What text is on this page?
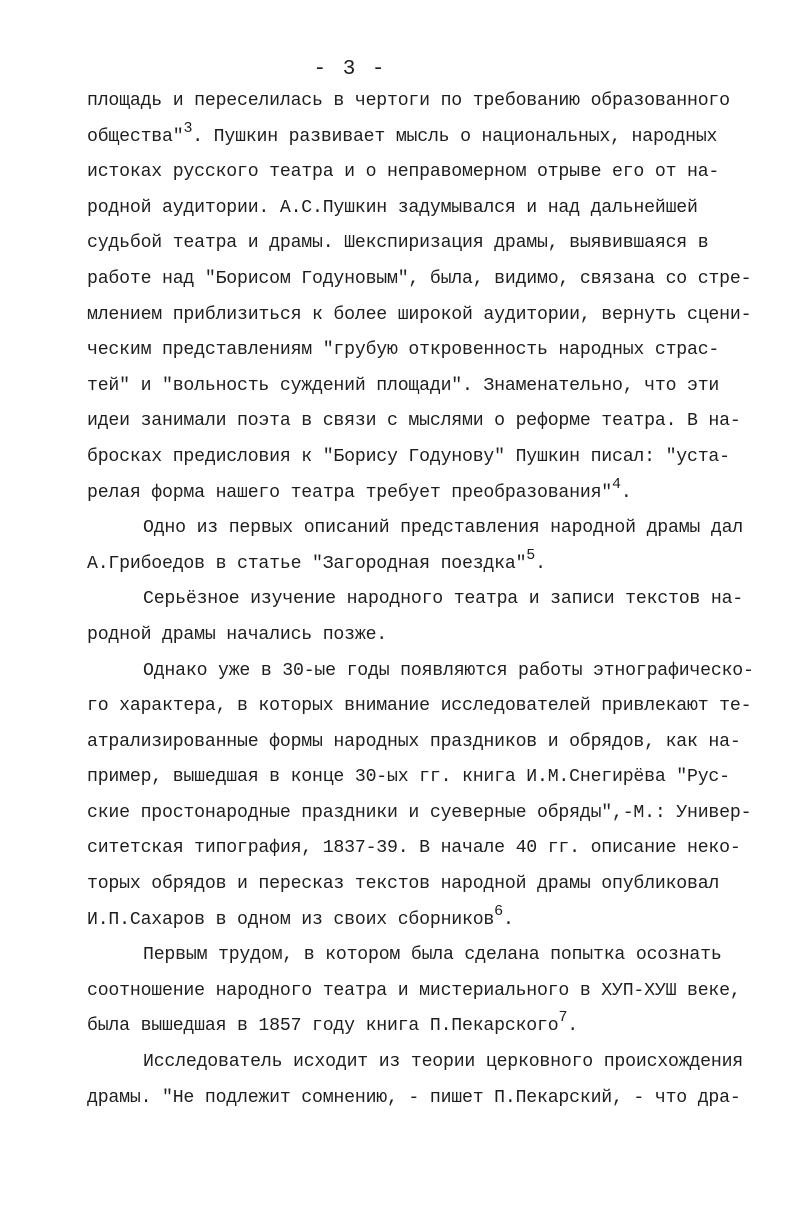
- 3 -
площадь и переселилась в чертоги по требованию образованного
общества"$^3$. Пушкин развивает мысль о национальных, народных
истоках русского театра и о неправомерном отрыве его от на-
родной аудитории. А.С.Пушкин задумывался и над дальнейшей
судьбой театра и драмы. Шекспиризация драмы, выявившаяся в
работе над "Борисом Годуновым", была, видимо, связана со стре-
млением приблизиться к более широкой аудитории, вернуть сцени-
ческим представлениям "грубую откровенность народных страс-
тей" и "вольность суждений площади". Знаменательно, что эти
идеи занимали поэта в связи с мыслями о реформе театра. В на-
бросках предисловия к "Борису Годунову" Пушкин писал: "уста-
релая форма нашего театра требует преобразования"$^4$.
Одно из первых описаний представления народной драмы дал
А.Грибоедов в статье "Загородная поездка"$^5$.
Серьёзное изучение народного театра и записи текстов на-
родной драмы начались позже.
Однако уже в 30-ые годы появляются работы этнографическо-
го характера, в которых внимание исследователей привлекают те-
атрализированные формы народных праздников и обрядов, как на-
пример, вышедшая в конце 30-ых гг. книга И.М.Снегирёва "Рус-
ские простонародные праздники и суеверные обряды",-М.: Универ-
ситетская типография, 1837-39. В начале 40 гг. описание неко-
торых обрядов и пересказ текстов народной драмы опубликовал
И.П.Сахаров в одном из своих сборников$^6$.
Первым трудом, в котором была сделана попытка осознать
соотношение народного театра и мистериального в ХУП-ХУШ веке,
была вышедшая в 1857 году книга П.Пекарского$^7$.
Исследователь исходит из теории церковного происхождения
драмы. "Не подлежит сомнению, - пишет П.Пекарский, - что дра-
